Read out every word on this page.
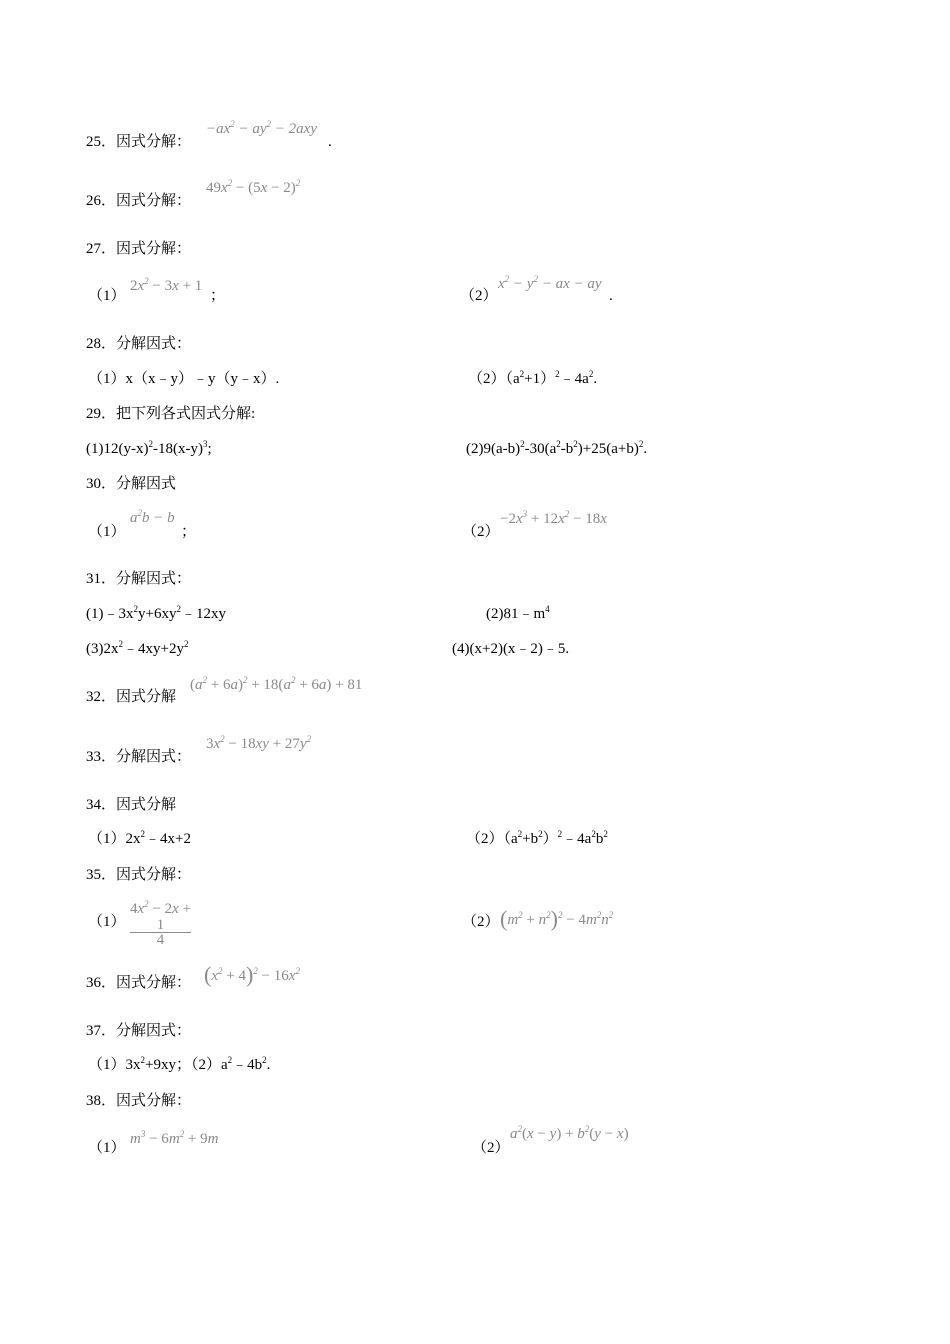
25．因式分解：
$-ax^2 - ay^2 - 2axy$
.
26．因式分解：
$49x^2 - (5x - 2)^2$
27．因式分解：
（1）
$2x^2 - 3x + 1$
；	（2）
$x^2 - y^2$ − ax − ay
.
28．分解因式：
（1）x（x﹣y）﹣y（y﹣x）.	$(2)(a^2+1)^2﹣4a^2$.
29．把下列各式因式分解:
$(1)12(y-x)^2-18(x-y)^3$;	$(2)9(a-b)^2-30(a^2-b^2)+25(a+b)^2$.
30．分解因式
（1）
$a^2b - b$
；	（2）
$-2x^3 + 12x^2 - 18x$
31．分解因式：
$(1)﹣3x^2y+6xy^2﹣12xy$	$(2)81﹣m^4$
$(3)2x^2﹣4xy+2y^2$	(4)(x+2)(x﹣2)﹣5.
32．因式分解
$(a^2 + 6a)^2 + 18(a^2 + 6a) + 81$
33．分解因式：
$3x^2 - 18xy + 27y^2$
34．因式分解
$(1)2x^2﹣4x+2$	$(2)(a^2+b^2)^2﹣4a^2b^2$
35．因式分解：
（1）
$4x^2 - 2x$ +
1
4
（2） $(m^2 + n^2)^2 - 4m^2n^2$
36．因式分解： $(x^2 + 4)^2 - 16x^2$
37．分解因式：
$(1)3x^2+9xy$；$(2)a^2﹣4b^2$.
38．因式分解：
（1）
$m^3 - 6m^2 + 9m$
（2）
$a^2(x - y) + b^2(y - x)$
